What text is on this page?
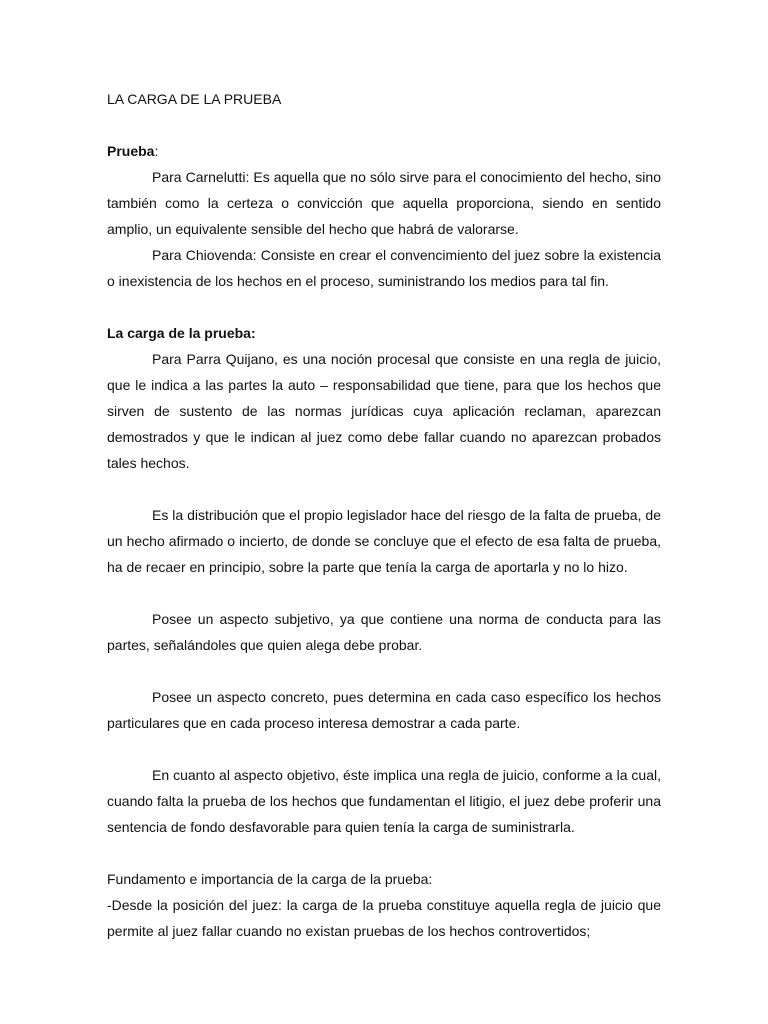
LA CARGA DE LA PRUEBA

Prueba:

Para Carnelutti: Es aquella que no sólo sirve para el conocimiento del hecho, sino también como la certeza o convicción que aquella proporciona, siendo en sentido amplio, un equivalente sensible del hecho que habrá de valorarse.

Para Chiovenda: Consiste en crear el convencimiento del juez sobre la existencia o inexistencia de los hechos en el proceso, suministrando los medios para tal fin.

La carga de la prueba:

Para Parra Quijano, es una noción procesal que consiste en una regla de juicio, que le indica a las partes la auto – responsabilidad que tiene, para que los hechos que sirven de sustento de las normas jurídicas cuya aplicación reclaman, aparezcan demostrados y que le indican al juez como debe fallar cuando no aparezcan probados tales hechos.

Es la distribución que el propio legislador hace del riesgo de la falta de prueba, de un hecho afirmado o incierto, de donde se concluye que el efecto de esa falta de prueba, ha de recaer en principio, sobre la parte que tenía la carga de aportarla y no lo hizo.

Posee un aspecto subjetivo, ya que contiene una norma de conducta para las partes, señalándoles que quien alega debe probar.

Posee un aspecto concreto, pues determina en cada caso específico los hechos particulares que en cada proceso interesa demostrar a cada parte.

En cuanto al aspecto objetivo, éste implica una regla de juicio, conforme a la cual, cuando falta la prueba de los hechos que fundamentan el litigio, el juez debe proferir una sentencia de fondo desfavorable para quien tenía la carga de suministrarla.

Fundamento e importancia de la carga de la prueba:

-Desde la posición del juez: la carga de la prueba constituye aquella regla de juicio que permite al juez fallar cuando no existan pruebas de los hechos controvertidos;
